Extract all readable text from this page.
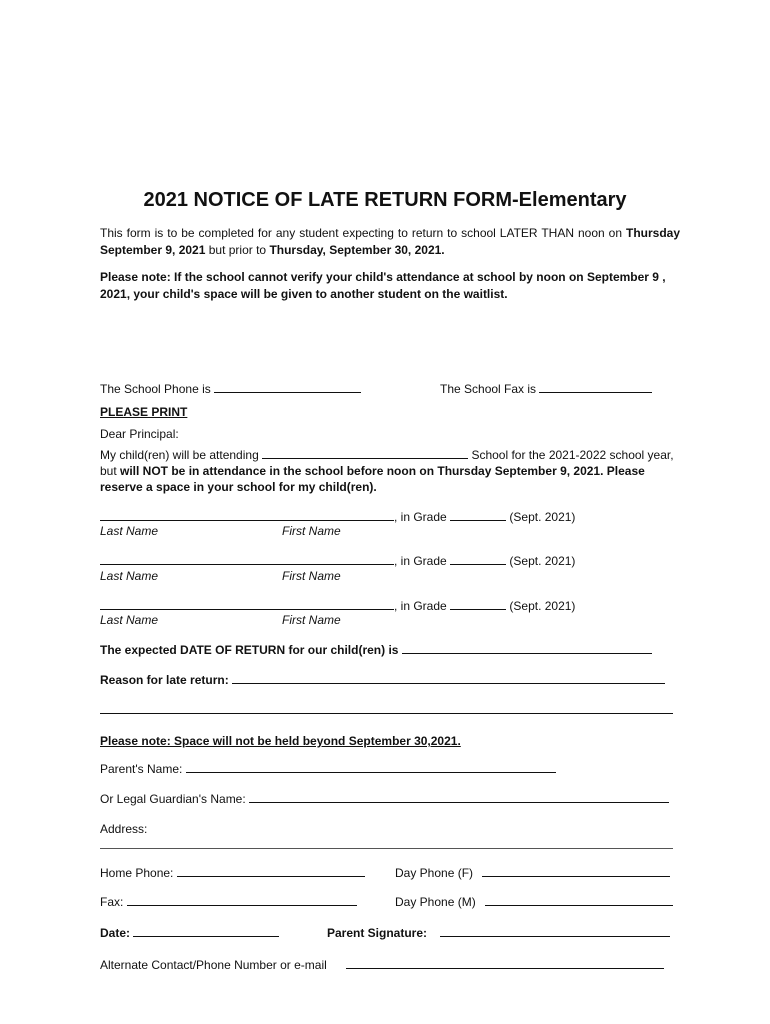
2021 NOTICE OF LATE RETURN FORM-Elementary
This form is to be completed for any student expecting to return to school LATER THAN noon on Thursday September 9, 2021 but prior to Thursday, September 30, 2021.
Please note: If the school cannot verify your child's attendance at school by noon on September 9 , 2021, your child's space will be given to another student on the waitlist.
The School Phone is	The School Fax is
PLEASE PRINT
Dear Principal:
My child(ren) will be attending	School for the 2021-2022 school year,
but will NOT be in attendance in the school before noon on Thursday September 9, 2021. Please reserve a space in your school for my child(ren).
, in Grade	(Sept. 2021)
Last Name	First Name
, in Grade	(Sept. 2021)
Last Name	First Name
, in Grade	(Sept. 2021)
Last Name	First Name
The expected DATE OF RETURN for our child(ren) is
Reason for late return:
Please note: Space will not be held beyond September 30,2021.
Parent's Name:
Or Legal Guardian's Name:
Address:
Home Phone:	Day Phone (F)
Fax:	Day Phone (M)
Date:	Parent Signature:
Alternate Contact/Phone Number or e-mail
